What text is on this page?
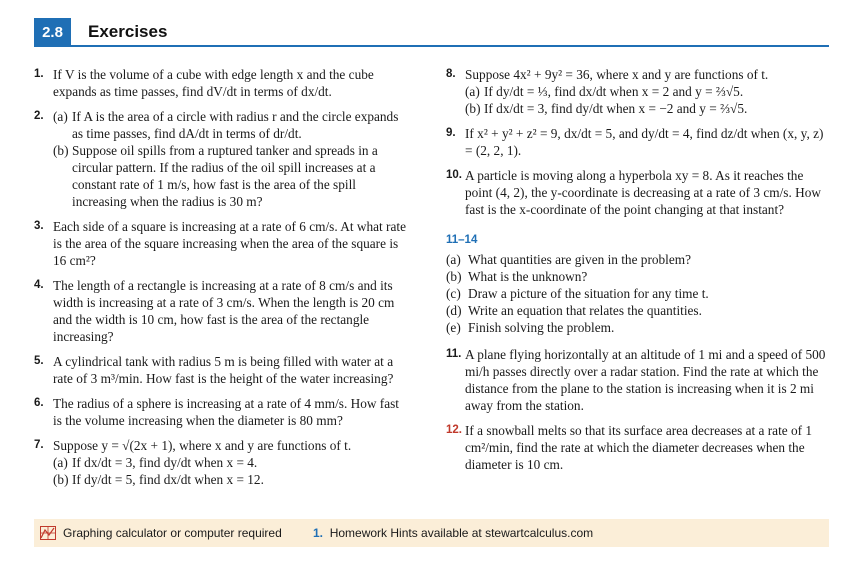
2.8	Exercises
1. If V is the volume of a cube with edge length x and the cube expands as time passes, find dV/dt in terms of dx/dt.
2. (a) If A is the area of a circle with radius r and the circle expands as time passes, find dA/dt in terms of dr/dt.
(b) Suppose oil spills from a ruptured tanker and spreads in a circular pattern. If the radius of the oil spill increases at a constant rate of 1 m/s, how fast is the area of the spill increasing when the radius is 30 m?
3. Each side of a square is increasing at a rate of 6 cm/s. At what rate is the area of the square increasing when the area of the square is 16 cm²?
4. The length of a rectangle is increasing at a rate of 8 cm/s and its width is increasing at a rate of 3 cm/s. When the length is 20 cm and the width is 10 cm, how fast is the area of the rectangle increasing?
5. A cylindrical tank with radius 5 m is being filled with water at a rate of 3 m³/min. How fast is the height of the water increasing?
6. The radius of a sphere is increasing at a rate of 4 mm/s. How fast is the volume increasing when the diameter is 80 mm?
7. Suppose y = √(2x + 1), where x and y are functions of t.
(a) If dx/dt = 3, find dy/dt when x = 4.
(b) If dy/dt = 5, find dx/dt when x = 12.
8. Suppose 4x² + 9y² = 36, where x and y are functions of t.
(a) If dy/dt = ⅓, find dx/dt when x = 2 and y = ⅔√5.
(b) If dx/dt = 3, find dy/dt when x = −2 and y = ⅔√5.
9. If x² + y² + z² = 9, dx/dt = 5, and dy/dt = 4, find dz/dt when (x, y, z) = (2, 2, 1).
10. A particle is moving along a hyperbola xy = 8. As it reaches the point (4, 2), the y-coordinate is decreasing at a rate of 3 cm/s. How fast is the x-coordinate of the point changing at that instant?
11–14
(a) What quantities are given in the problem?
(b) What is the unknown?
(c) Draw a picture of the situation for any time t.
(d) Write an equation that relates the quantities.
(e) Finish solving the problem.
11. A plane flying horizontally at an altitude of 1 mi and a speed of 500 mi/h passes directly over a radar station. Find the rate at which the distance from the plane to the station is increasing when it is 2 mi away from the station.
12. If a snowball melts so that its surface area decreases at a rate of 1 cm²/min, find the rate at which the diameter decreases when the diameter is 10 cm.
Graphing calculator or computer required	1. Homework Hints available at stewartcalculus.com
